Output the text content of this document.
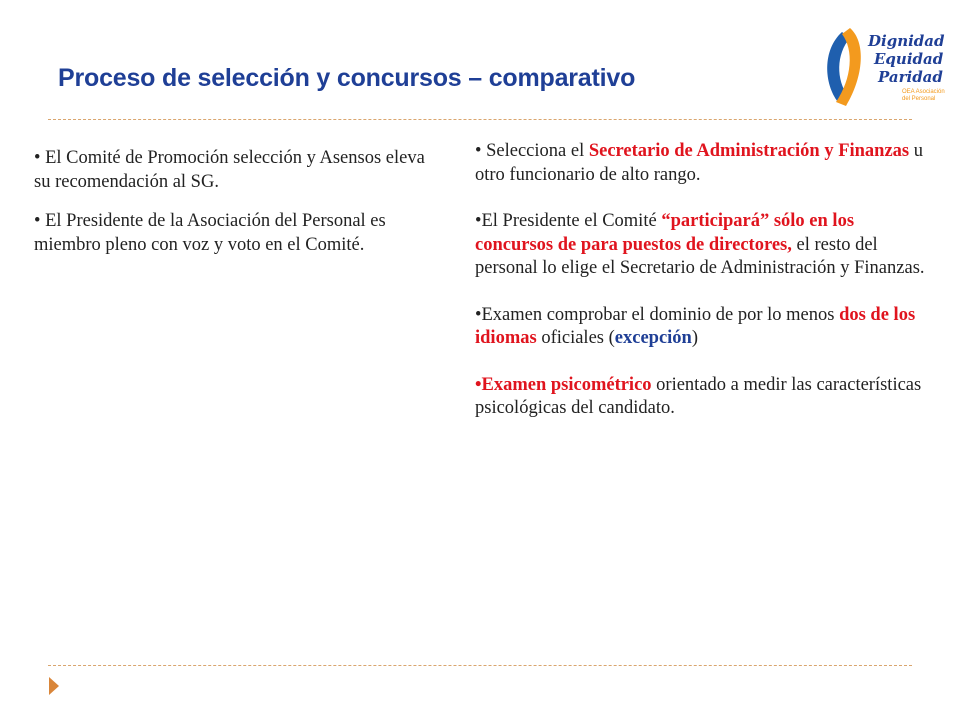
Proceso de selección y concursos – comparativo
Dignidad
Equidad
Paridad
OEA Asociación
del Personal

• El Comité de Promoción selección y Asensos eleva su recomendación al SG.

• El Presidente de la Asociación del Personal es miembro pleno con voz y voto en el Comité.

• Selecciona el Secretario de Administración y Finanzas u otro funcionario de alto rango.

•El Presidente el Comité “participará” sólo en los concursos de para puestos de directores, el resto del personal lo elige el Secretario de Administración y Finanzas.

•Examen comprobar el dominio de por lo menos dos de los idiomas oficiales (excepción)

•Examen psicométrico orientado a medir las características psicológicas del candidato.
